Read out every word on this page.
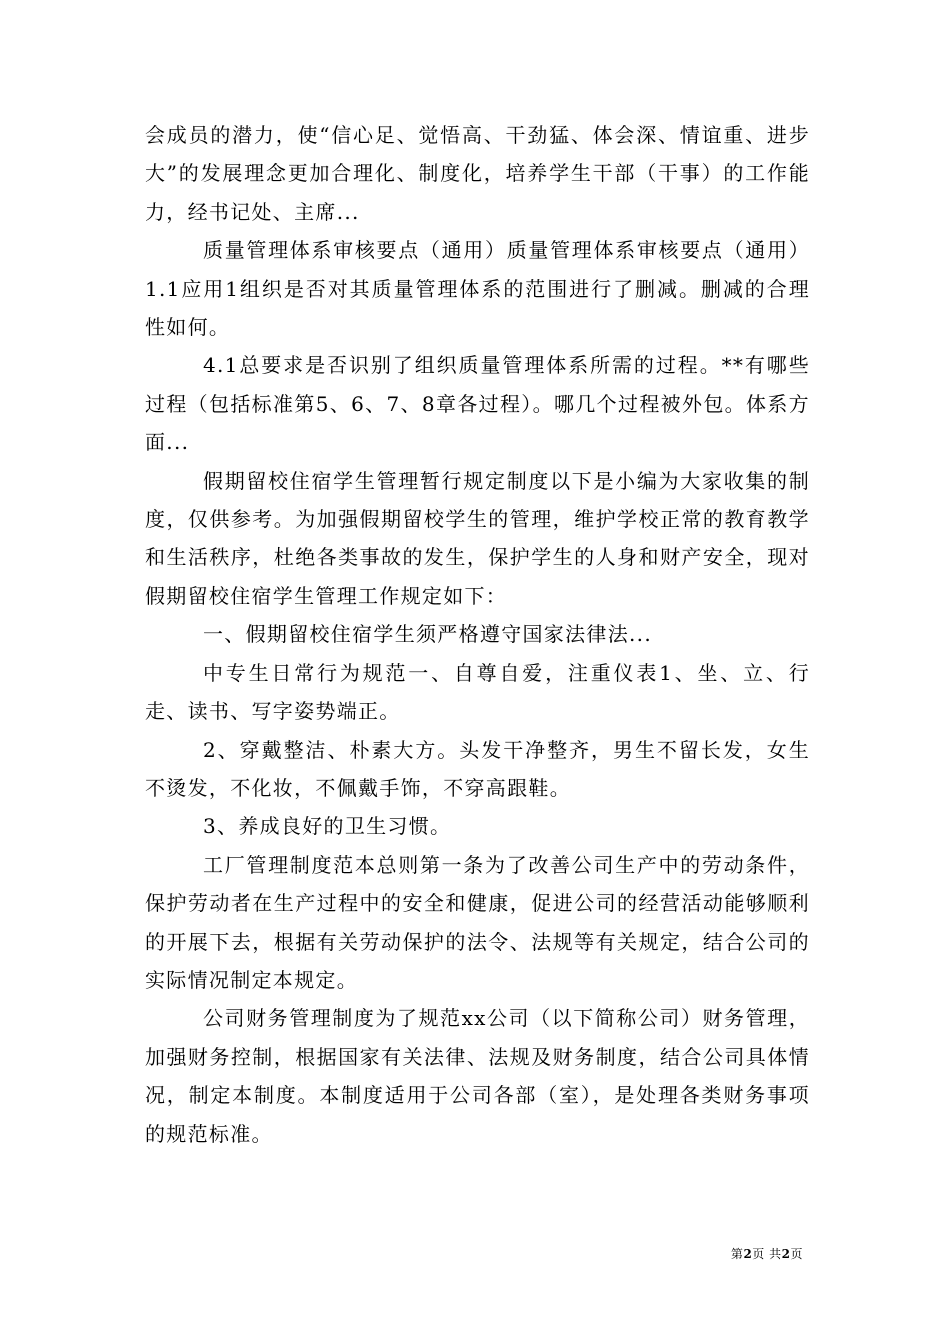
会成员的潜力，使“信心足、觉悟高、干劲猛、体会深、情谊重、进步大”的发展理念更加合理化、制度化，培养学生干部（干事）的工作能力，经书记处、主席...

质量管理体系审核要点（通用）质量管理体系审核要点（通用）1.1应用1组织是否对其质量管理体系的范围进行了删减。删减的合理性如何。

4.1总要求是否识别了组织质量管理体系所需的过程。**有哪些过程（包括标准第5、6、7、8章各过程）。哪几个过程被外包。体系方面...

假期留校住宿学生管理暂行规定制度以下是小编为大家收集的制度，仅供参考。为加强假期留校学生的管理，维护学校正常的教育教学和生活秩序，杜绝各类事故的发生，保护学生的人身和财产安全，现对假期留校住宿学生管理工作规定如下：

一、假期留校住宿学生须严格遵守国家法律法...

中专生日常行为规范一、自尊自爱，注重仪表1、坐、立、行走、读书、写字姿势端正。

2、穿戴整洁、朴素大方。头发干净整齐，男生不留长发，女生不烫发，不化妆，不佩戴手饰，不穿高跟鞋。

3、养成良好的卫生习惯。

工厂管理制度范本总则第一条为了改善公司生产中的劳动条件，保护劳动者在生产过程中的安全和健康，促进公司的经营活动能够顺利的开展下去，根据有关劳动保护的法令、法规等有关规定，结合公司的实际情况制定本规定。

公司财务管理制度为了规范xx公司（以下简称公司）财务管理，加强财务控制，根据国家有关法律、法规及财务制度，结合公司具体情况，制定本制度。本制度适用于公司各部（室），是处理各类财务事项的规范标准。

第2页 共2页
